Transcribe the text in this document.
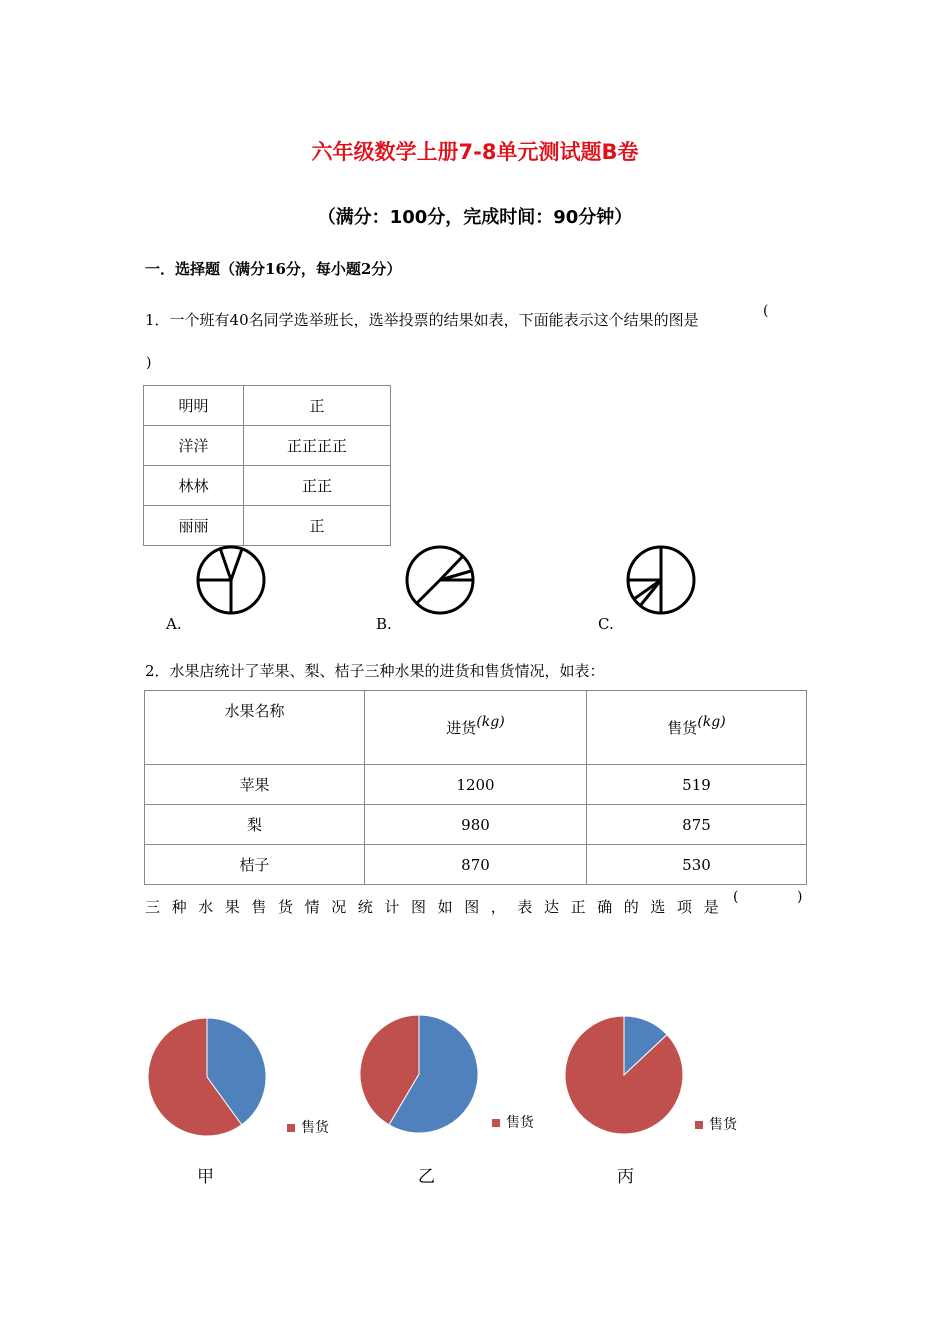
六年级数学上册7-8单元测试题B卷
（满分：100分，完成时间：90分钟）
一．选择题（满分16分，每小题2分）
1．一个班有40名同学选举班长，选举投票的结果如表，下面能表示这个结果的图是	(
)
明明	正
洋洋	正正正正
林林	正正
丽丽	正
A.	B.	C.
2．水果店统计了苹果、梨、桔子三种水果的进货和售货情况，如表：
水果名称	进货(kg)	售货(kg)
苹果	1200	519
梨	980	875
桔子	870	530
三种水果售货情况统计图如图，表达正确的选项是
(	)
售货	售货	售货
甲	乙	丙
